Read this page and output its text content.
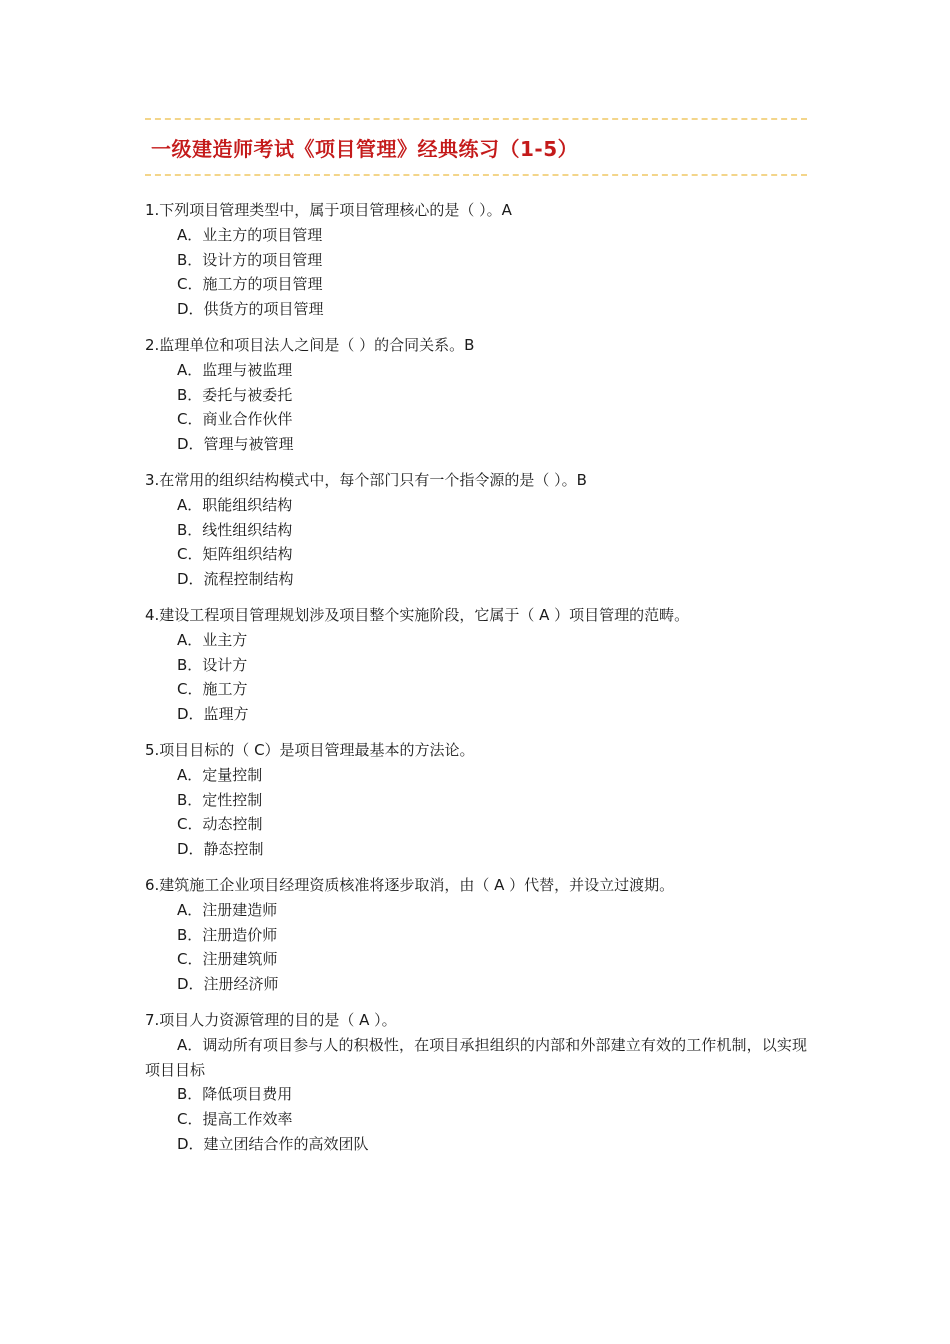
一级建造师考试《项目管理》经典练习（1-5）
1.下列项目管理类型中，属于项目管理核心的是（ ）。A
A．业主方的项目管理
B．设计方的项目管理
C．施工方的项目管理
D．供货方的项目管理
2.监理单位和项目法人之间是（ ）的合同关系。B
A．监理与被监理
B．委托与被委托
C．商业合作伙伴
D．管理与被管理
3.在常用的组织结构模式中，每个部门只有一个指令源的是（ ）。B
A．职能组织结构
B．线性组织结构
C．矩阵组织结构
D．流程控制结构
4.建设工程项目管理规划涉及项目整个实施阶段，它属于（ A ）项目管理的范畴。
A．业主方
B．设计方
C．施工方
D．监理方
5.项目目标的（ C）是项目管理最基本的方法论。
A．定量控制
B．定性控制
C．动态控制
D．静态控制
6.建筑施工企业项目经理资质核准将逐步取消，由（ A ）代替，并设立过渡期。
A．注册建造师
B．注册造价师
C．注册建筑师
D．注册经济师
7.项目人力资源管理的目的是（ A ）。
A．调动所有项目参与人的积极性，在项目承担组织的内部和外部建立有效的工作机制，以实现项目目标
B．降低项目费用
C．提高工作效率
D．建立团结合作的高效团队
